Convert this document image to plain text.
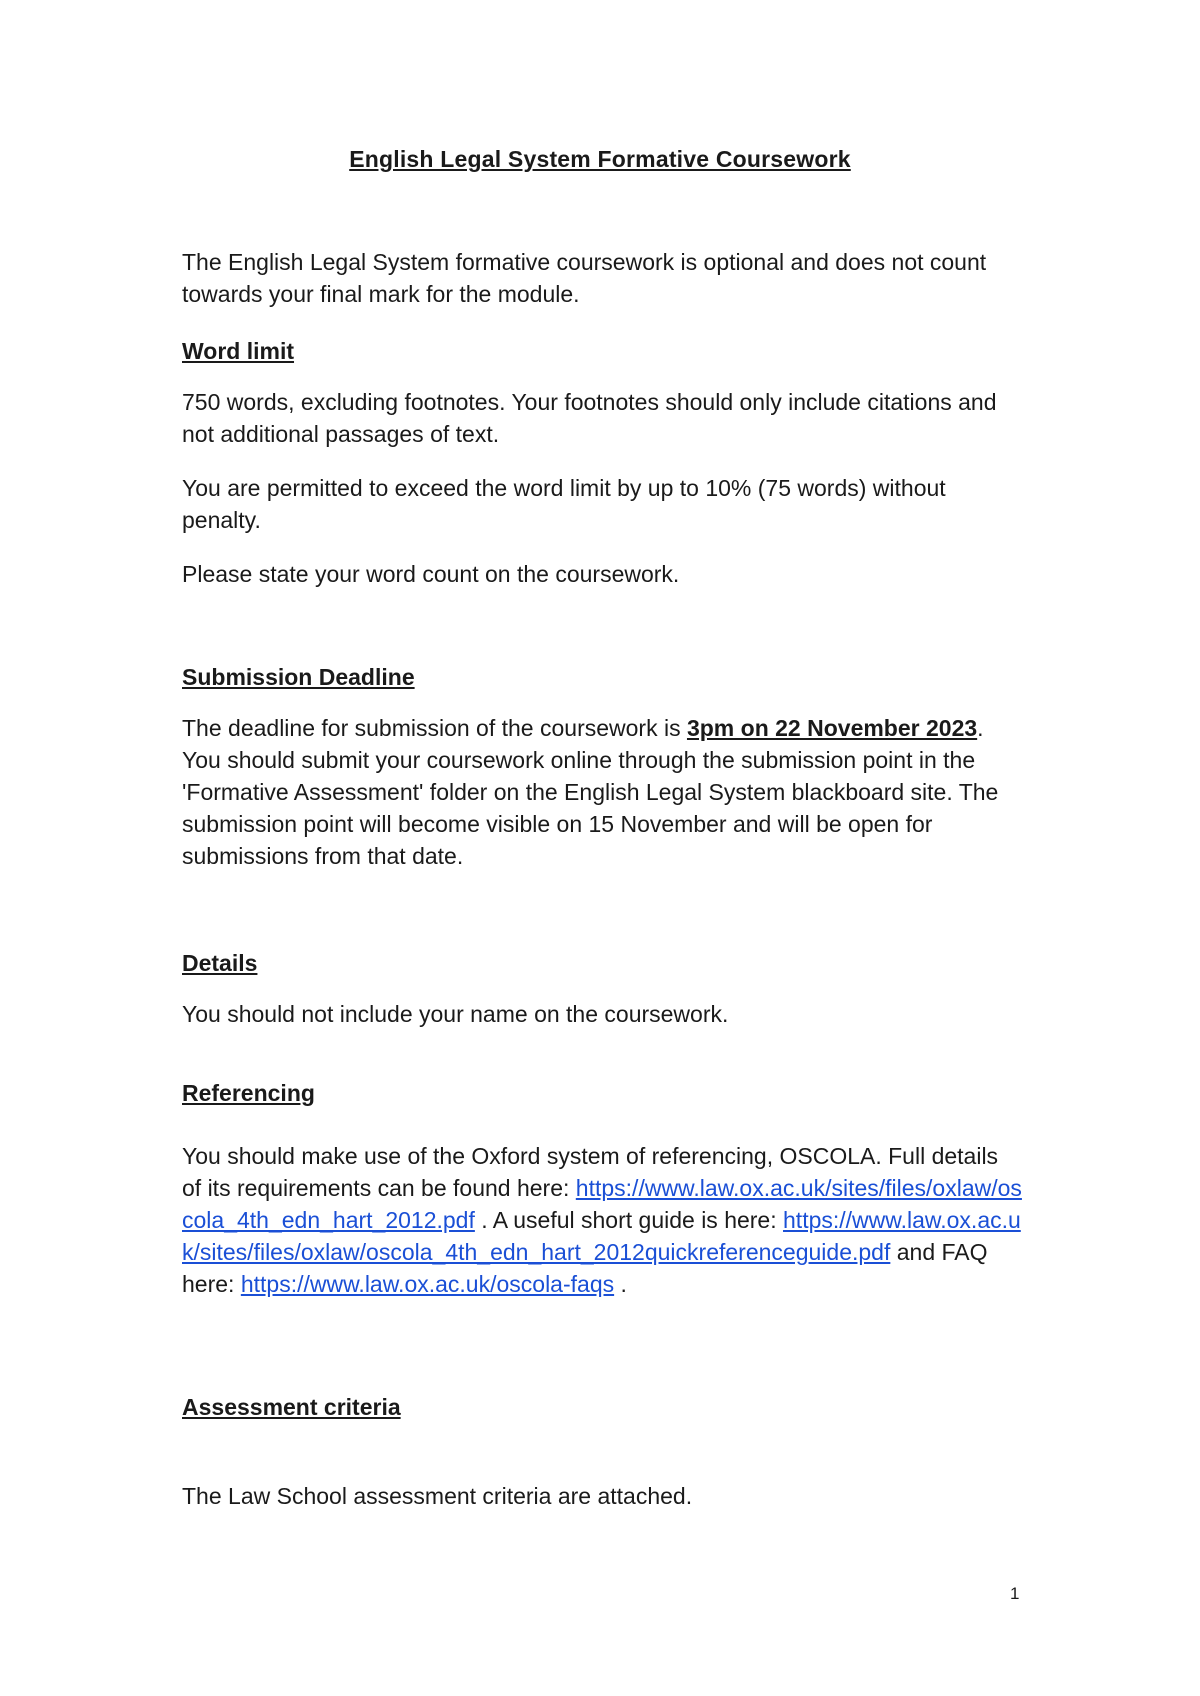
English Legal System Formative Coursework

The English Legal System formative coursework is optional and does not count towards your final mark for the module.

Word limit

750 words, excluding footnotes. Your footnotes should only include citations and not additional passages of text.

You are permitted to exceed the word limit by up to 10% (75 words) without penalty.

Please state your word count on the coursework.

Submission Deadline

The deadline for submission of the coursework is 3pm on 22 November 2023. You should submit your coursework online through the submission point in the 'Formative Assessment' folder on the English Legal System blackboard site. The submission point will become visible on 15 November and will be open for submissions from that date.

Details

You should not include your name on the coursework.

Referencing

You should make use of the Oxford system of referencing, OSCOLA. Full details of its requirements can be found here: https://www.law.ox.ac.uk/sites/files/oxlaw/oscola_4th_edn_hart_2012.pdf . A useful short guide is here: https://www.law.ox.ac.uk/sites/files/oxlaw/oscola_4th_edn_hart_2012quickreferenceguide.pdf and FAQ here: https://www.law.ox.ac.uk/oscola-faqs .

Assessment criteria

The Law School assessment criteria are attached.

1
